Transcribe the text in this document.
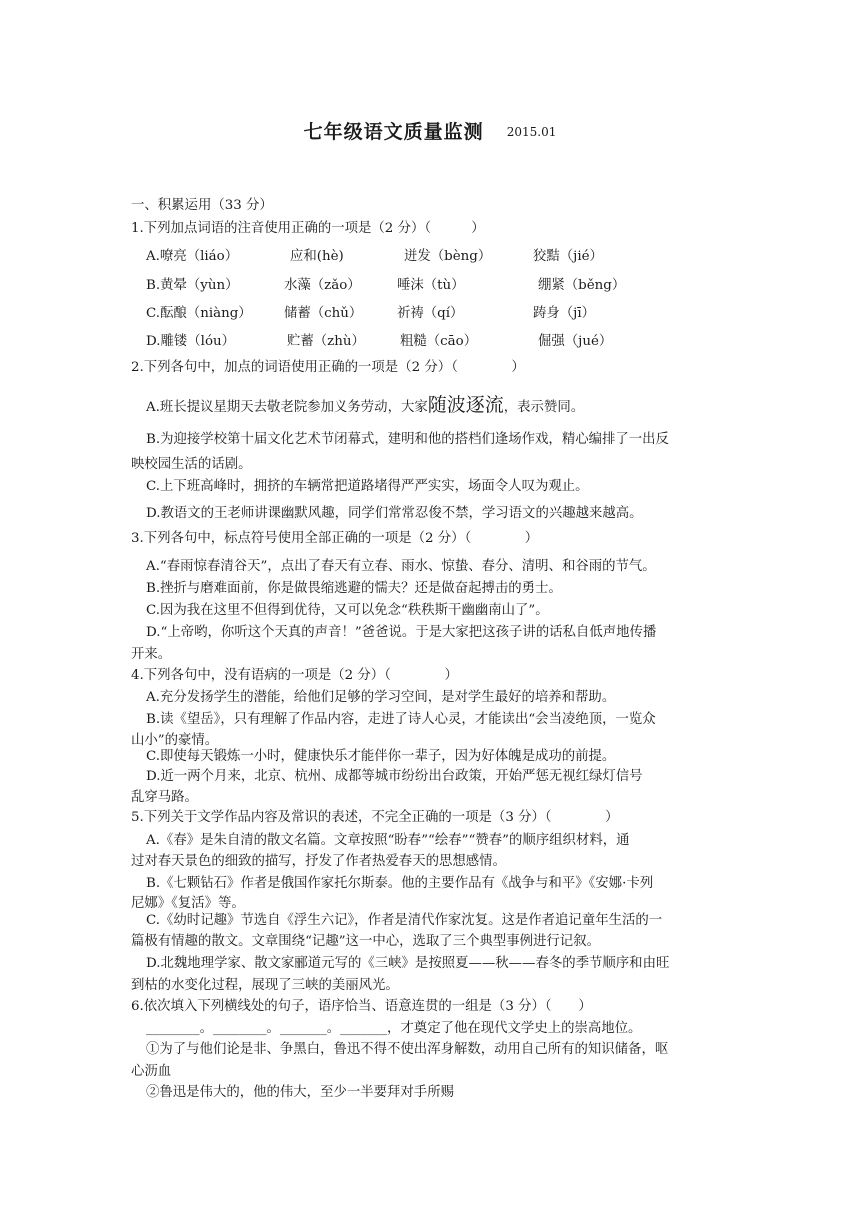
七年级语文质量监测 2015.01
一、积累运用（33 分）
1.下列加点词语的注音使用正确的一项是（2 分）（　　　）
A.嘹亮（liáo）	应和(hè)	迸发（bèng）	狡黠（jié）
B.黄晕（yùn）	水藻（zǎo）	唾沫（tù）	绷紧（běng）
C.酝酿（niàng） 储蓄（chǔ）	祈祷（qí）	踌身（jī）
D.雕镂（lóu）	贮蓄（zhù）	粗糙（cāo）	倔强（jué）
2.下列各句中，加点的词语使用正确的一项是（2 分）（　　　　）
A.班长提议星期天去敬老院参加义务劳动，大家随波逐流，表示赞同。
B.为迎接学校第十届文化艺术节闭幕式，建明和他的搭档们逢场作戏，精心编排了一出反
映校园生活的话剧。
C.上下班高峰时，拥挤的车辆常把道路堵得严严实实，场面令人叹为观止。
D.教语文的王老师讲课幽默风趣，同学们常常忍俊不禁，学习语文的兴趣越来越高。
3.下列各句中，标点符号使用全部正确的一项是（2 分）（　　　　）
A.“春雨惊春清谷天”，点出了春天有立春、雨水、惊蛰、春分、清明、和谷雨的节气。
B.挫折与磨难面前，你是做畏缩逃避的懦夫？还是做奋起搏击的勇士。
C.因为我在这里不但得到优待，又可以免念“秩秩斯干幽幽南山了”。
D.“上帝哟，你听这个天真的声音！”爸爸说。于是大家把这孩子讲的话私自低声地传播
开来。
4.下列各句中，没有语病的一项是（2 分）（　　　　）
A.充分发扬学生的潜能，给他们足够的学习空间，是对学生最好的培养和帮助。
B.读《望岳》，只有理解了作品内容，走进了诗人心灵，才能读出“会当凌绝顶，一览众
山小”的豪情。
C.即使每天锻炼一小时，健康快乐才能伴你一辈子，因为好体魄是成功的前提。
D.近一两个月来，北京、杭州、成都等城市纷纷出台政策，开始严惩无视红绿灯信号
乱穿马路。
5.下列关于文学作品内容及常识的表述，不完全正确的一项是（3 分）（　　　　）
A.《春》是朱自清的散文名篇。文章按照“盼春”“绘春”“赞春”的顺序组织材料，通
过对春天景色的细致的描写，抒发了作者热爱春天的思想感情。
B.《七颗钻石》作者是俄国作家托尔斯泰。他的主要作品有《战争与和平》《安娜·卡列
尼娜》《复活》等。
C.《幼时记趣》节选自《浮生六记》，作者是清代作家沈复。这是作者追记童年生活的一
篇极有情趣的散文。文章围绕“记趣”这一中心，选取了三个典型事例进行记叙。
D.北魏地理学家、散文家郦道元写的《三峡》是按照夏——秋——春冬的季节顺序和由旺
到枯的水变化过程，展现了三峡的美丽风光。
6.依次填入下列横线处的句子，语序恰当、语意连贯的一组是（3 分）（　　）
________。________。_______。_______，才奠定了他在现代文学史上的崇高地位。
①为了与他们论是非、争黑白，鲁迅不得不使出浑身解数，动用自己所有的知识储备，呕
心沥血
②鲁迅是伟大的，他的伟大，至少一半要拜对手所赐
